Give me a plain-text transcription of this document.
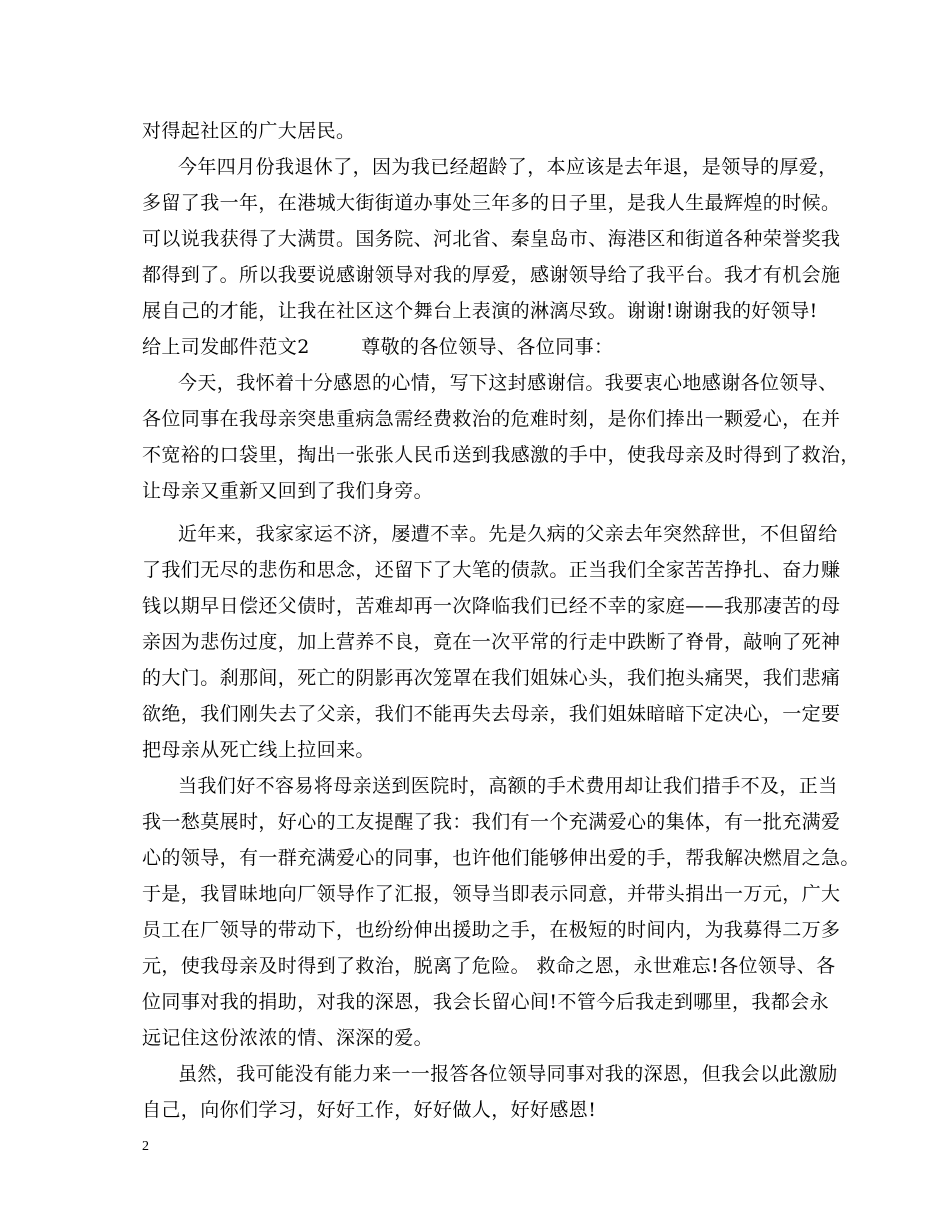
对得起社区的广大居民。
今年四月份我退休了，因为我已经超龄了，本应该是去年退，是领导的厚爱，
多留了我一年，在港城大街街道办事处三年多的日子里，是我人生最辉煌的时候。
可以说我获得了大满贯。国务院、河北省、秦皇岛市、海港区和街道各种荣誉奖我
都得到了。所以我要说感谢领导对我的厚爱，感谢领导给了我平台。我才有机会施
展自己的才能，让我在社区这个舞台上表演的淋漓尽致。谢谢!谢谢我的好领导!
给上司发邮件范文2        尊敬的各位领导、各位同事：
今天，我怀着十分感恩的心情，写下这封感谢信。我要衷心地感谢各位领导、
各位同事在我母亲突患重病急需经费救治的危难时刻，是你们捧出一颗爱心，在并
不宽裕的口袋里，掏出一张张人民币送到我感激的手中，使我母亲及时得到了救治，
让母亲又重新又回到了我们身旁。
近年来，我家家运不济，屡遭不幸。先是久病的父亲去年突然辞世，不但留给
了我们无尽的悲伤和思念，还留下了大笔的债款。正当我们全家苦苦挣扎、奋力赚
钱以期早日偿还父债时，苦难却再一次降临我们已经不幸的家庭——我那凄苦的母
亲因为悲伤过度，加上营养不良，竟在一次平常的行走中跌断了脊骨，敲响了死神
的大门。刹那间，死亡的阴影再次笼罩在我们姐妹心头，我们抱头痛哭，我们悲痛
欲绝，我们刚失去了父亲，我们不能再失去母亲，我们姐妹暗暗下定决心，一定要
把母亲从死亡线上拉回来。
当我们好不容易将母亲送到医院时，高额的手术费用却让我们措手不及，正当
我一愁莫展时，好心的工友提醒了我：我们有一个充满爱心的集体，有一批充满爱
心的领导，有一群充满爱心的同事，也许他们能够伸出爱的手，帮我解决燃眉之急。
于是，我冒昧地向厂领导作了汇报，领导当即表示同意，并带头捐出一万元，广大
员工在厂领导的带动下，也纷纷伸出援助之手，在极短的时间内，为我募得二万多
元，使我母亲及时得到了救治，脱离了危险。 救命之恩，永世难忘!各位领导、各
位同事对我的捐助，对我的深恩，我会长留心间!不管今后我走到哪里，我都会永
远记住这份浓浓的情、深深的爱。
虽然，我可能没有能力来一一报答各位领导同事对我的深恩，但我会以此激励
自己，向你们学习，好好工作，好好做人，好好感恩!
2
